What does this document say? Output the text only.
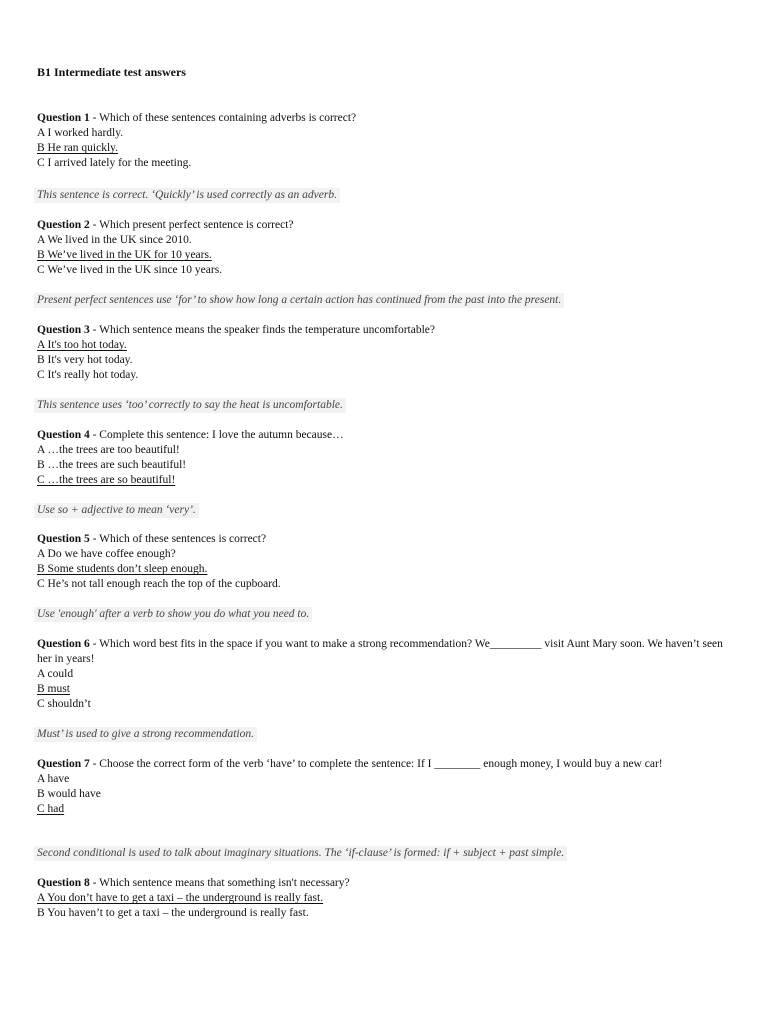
B1 Intermediate test answers
Question 1 - Which of these sentences containing adverbs is correct?
A I worked hardly.
B He ran quickly.
C I arrived lately for the meeting.
This sentence is correct. ‘Quickly’ is used correctly as an adverb.
Question 2 - Which present perfect sentence is correct?
A We lived in the UK since 2010.
B We’ve lived in the UK for 10 years.
C We’ve lived in the UK since 10 years.
Present perfect sentences use ‘for’ to show how long a certain action has continued from the past into the present.
Question 3 - Which sentence means the speaker finds the temperature uncomfortable?
A It's too hot today.
B It's very hot today.
C It's really hot today.
This sentence uses ‘too’ correctly to say the heat is uncomfortable.
Question 4 - Complete this sentence: I love the autumn because…
A …the trees are too beautiful!
B …the trees are such beautiful!
C …the trees are so beautiful!
Use so + adjective to mean ‘very’.
Question 5 - Which of these sentences is correct?
A Do we have coffee enough?
B Some students don’t sleep enough.
C He’s not tall enough reach the top of the cupboard.
Use 'enough' after a verb to show you do what you need to.
Question 6 - Which word best fits in the space if you want to make a strong recommendation? We_________ visit Aunt Mary soon. We haven’t seen her in years!
A could
B must
C shouldn’t
Must’ is used to give a strong recommendation.
Question 7 - Choose the correct form of the verb ‘have’ to complete the sentence: If I ________ enough money, I would buy a new car!
A have
B would have
C had
Second conditional is used to talk about imaginary situations. The ‘if-clause’ is formed: if + subject + past simple.
Question 8 - Which sentence means that something isn't necessary?
A You don’t have to get a taxi – the underground is really fast.
B You haven’t to get a taxi – the underground is really fast.
